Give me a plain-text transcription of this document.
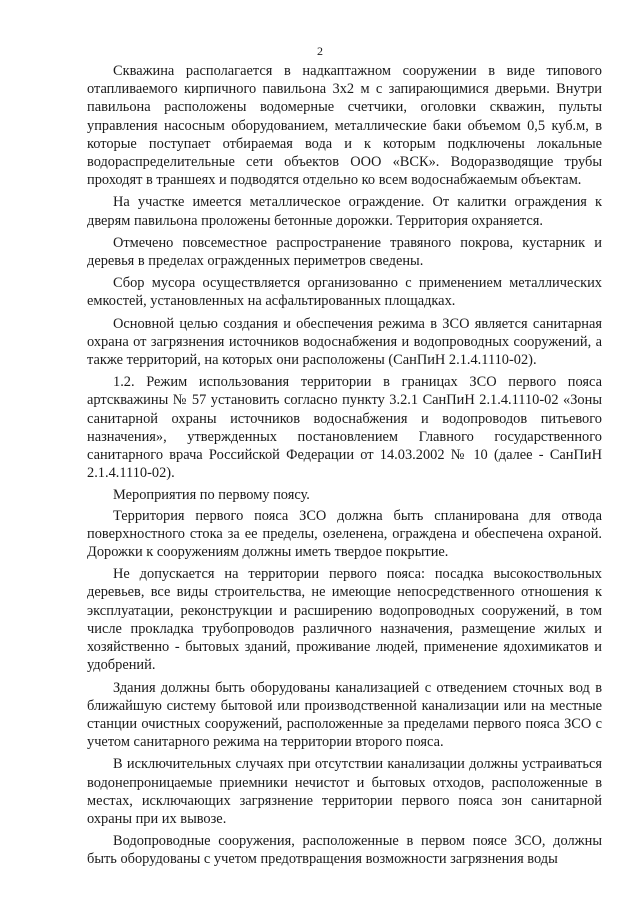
2

Скважина располагается в надкаптажном сооружении в виде типового отапливаемого кирпичного павильона 3х2 м с запирающимися дверьми. Внутри павильона расположены водомерные счетчики, оголовки скважин, пульты управления насосным оборудованием, металлические баки объемом 0,5 куб.м, в которые поступает отбираемая вода и к которым подключены локальные водораспределительные сети объектов ООО «ВСК». Водоразводящие трубы проходят в траншеях и подводятся отдельно ко всем водоснабжаемым объектам.

На участке имеется металлическое ограждение. От калитки ограждения к дверям павильона проложены бетонные дорожки. Территория охраняется.

Отмечено повсеместное распространение травяного покрова, кустарник и деревья в пределах огражденных периметров сведены.

Сбор мусора осуществляется организованно с применением металлических емкостей, установленных на асфальтированных площадках.

Основной целью создания и обеспечения режима в ЗСО является санитарная охрана от загрязнения источников водоснабжения и водопроводных сооружений, а также территорий, на которых они расположены (СанПиН 2.1.4.1110-02).

1.2. Режим использования территории в границах ЗСО первого пояса артскважины № 57 установить согласно пункту 3.2.1 СанПиН 2.1.4.1110-02 «Зоны санитарной охраны источников водоснабжения и водопроводов питьевого назначения», утвержденных постановлением Главного государственного санитарного врача Российской Федерации от 14.03.2002 № 10 (далее - СанПиН 2.1.4.1110-02).

Мероприятия по первому поясу.

Территория первого пояса ЗСО должна быть спланирована для отвода поверхностного стока за ее пределы, озеленена, ограждена и обеспечена охраной. Дорожки к сооружениям должны иметь твердое покрытие.

Не допускается на территории первого пояса: посадка высокоствольных деревьев, все виды строительства, не имеющие непосредственного отношения к эксплуатации, реконструкции и расширению водопроводных сооружений, в том числе прокладка трубопроводов различного назначения, размещение жилых и хозяйственно - бытовых зданий, проживание людей, применение ядохимикатов и удобрений.

Здания должны быть оборудованы канализацией с отведением сточных вод в ближайшую систему бытовой или производственной канализации или на местные станции очистных сооружений, расположенные за пределами первого пояса ЗСО с учетом санитарного режима на территории второго пояса.

В исключительных случаях при отсутствии канализации должны устраиваться водонепроницаемые приемники нечистот и бытовых отходов, расположенные в местах, исключающих загрязнение территории первого пояса зон санитарной охраны при их вывозе.

Водопроводные сооружения, расположенные в первом поясе ЗСО, должны быть оборудованы с учетом предотвращения возможности загрязнения воды
